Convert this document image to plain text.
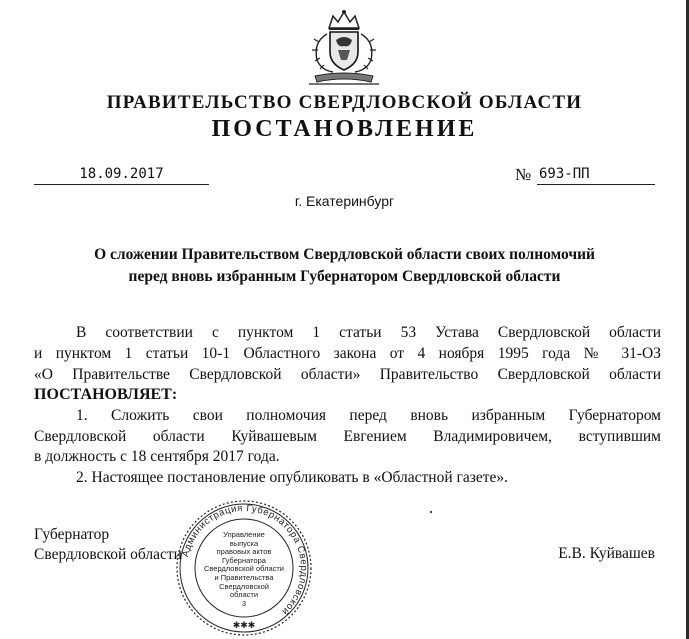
ПРАВИТЕЛЬСТВО СВЕРДЛОВСКОЙ ОБЛАСТИ
ПОСТАНОВЛЕНИЕ
18.09.2017	№ 693-ПП
г. Екатеринбург
О сложении Правительством Свердловской области своих полномочий
перед вновь избранным Губернатором Свердловской области
В соответствии с пунктом 1 статьи 53 Устава Свердловской области
и пунктом 1 статьи 10-1 Областного закона от 4 ноября 1995 года № 31-ОЗ
«О Правительстве Свердловской области» Правительство Свердловской области
ПОСТАНОВЛЯЕТ:
1. Сложить свои полномочия перед вновь избранным Губернатором
Свердловской области Куйвашевым Евгением Владимировичем, вступившим
в должность с 18 сентября 2017 года.
2. Настоящее постановление опубликовать в «Областной газете».
Администрация Губернатора Свердловской
✱✱✱
Управление
выпуска
правовых актов
Губернатора
Свердловской области
и Правительства
Свердловской
области
3
Губернатор
Свердловской области	Е.В. Куйвашев
